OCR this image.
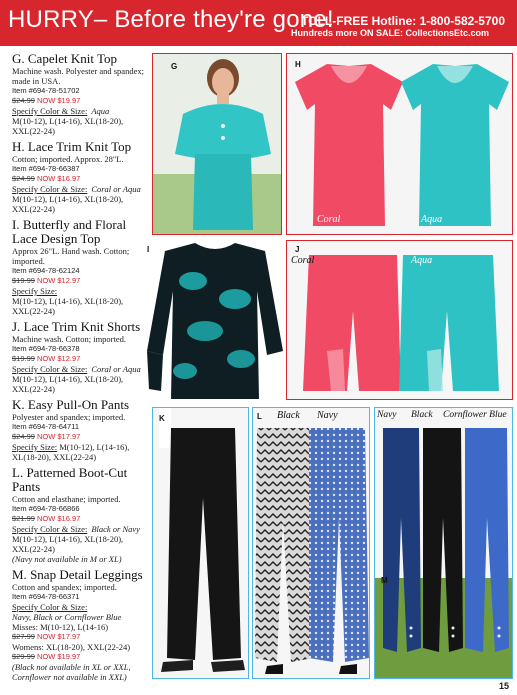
HURRY– Before they're gone!
TOLL-FREE Hotline: 1-800-582-5700
Hundreds more ON SALE: CollectionsEtc.com
G. Capelet Knit Top
Machine wash. Polyester and spandex; made in USA.
Item #694-78-51702
$24.99 NOW $19.97
Specify Color & Size: Aqua
M(10-12), L(14-16), XL(18-20), XXL(22-24)
H. Lace Trim Knit Top
Cotton; imported. Approx. 28"L.
Item #694-78-66387
$24.99 NOW $16.97
Specify Color & Size: Coral or Aqua
M(10-12), L(14-16), XL(18-20), XXL(22-24)
I. Butterfly and Floral Lace Design Top
Approx 26"L. Hand wash. Cotton; imported.
Item #694-78-62124
$19.99 NOW $12.97
Specify Size:
M(10-12), L(14-16), XL(18-20), XXL(22-24)
J. Lace Trim Knit Shorts
Machine wash. Cotton; imported.
Item #694-78-66378
$19.99 NOW $12.97
Specify Color & Size: Coral or Aqua
M(10-12), L(14-16), XL(18-20), XXL(22-24)
K. Easy Pull-On Pants
Polyester and spandex; imported.
Item #694-78-64711
$24.99 NOW $17.97
Specify Size: M(10-12), L(14-16), XL(18-20), XXL(22-24)
L. Patterned Boot-Cut Pants
Cotton and elasthane; imported.
Item #694-78-66866
$21.99 NOW $16.97
Specify Color & Size: Black or Navy
M(10-12), L(14-16), XL(18-20), XXL(22-24)
(Navy not available in M or XL)
M. Snap Detail Leggings
Cotton and spandex; imported.
Item #694-78-66371
Specify Color & Size:
Navy, Black or Cornflower Blue
Misses: M(10-12), L(14-16)
$27.99 NOW $17.97
Womens: XL(18-20), XXL(22-24)
$29.99 NOW $19.97
(Black not available in XL or XXL, Cornflower not available in XXL)
G	H
Coral	Aqua
I	J
Coral	Aqua
K	L Black Navy
M
Navy Black Cornflower Blue
15
